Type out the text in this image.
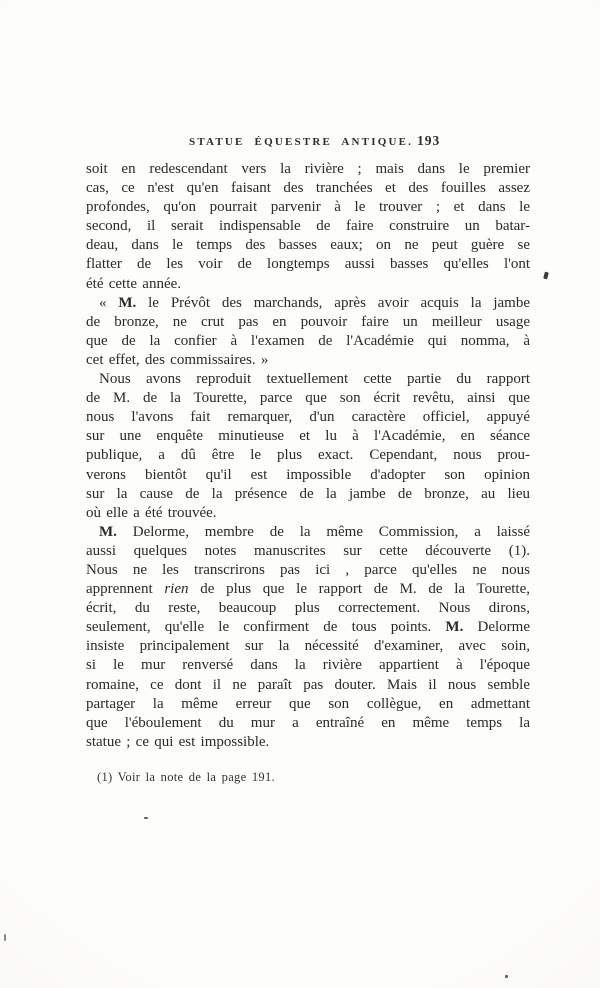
STATUE ÉQUESTRE ANTIQUE. 193
soit en redescendant vers la rivière ; mais dans le premier
cas, ce n'est qu'en faisant des tranchées et des fouilles assez
profondes, qu'on pourrait parvenir à le trouver ; et dans le
second, il serait indispensable de faire construire un batar-
deau, dans le temps des basses eaux; on ne peut guère se
flatter de les voir de longtemps aussi basses qu'elles l'ont
été cette année.
« M. le Prévôt des marchands, après avoir acquis la jambe
de bronze, ne crut pas en pouvoir faire un meilleur usage
que de la confier à l'examen de l'Académie qui nomma, à
cet effet, des commissaires. »
Nous avons reproduit textuellement cette partie du rapport
de M. de la Tourette, parce que son écrit revêtu, ainsi que
nous l'avons fait remarquer, d'un caractère officiel, appuyé
sur une enquête minutieuse et lu à l'Académie, en séance
publique, a dû être le plus exact. Cependant, nous prou-
verons bientôt qu'il est impossible d'adopter son opinion
sur la cause de la présence de la jambe de bronze, au lieu
où elle a été trouvée.
M. Delorme, membre de la même Commission, a laissé
aussi quelques notes manuscrites sur cette découverte (1).
Nous ne les transcrirons pas ici , parce qu'elles ne nous
apprennent rien de plus que le rapport de M. de la Tourette,
écrit, du reste, beaucoup plus correctement. Nous dirons,
seulement, qu'elle le confirment de tous points. M. Delorme
insiste principalement sur la nécessité d'examiner, avec soin,
si le mur renversé dans la rivière appartient à l'époque
romaine, ce dont il ne paraît pas douter. Mais il nous semble
partager la même erreur que son collègue, en admettant
que l'éboulement du mur a entraîné en même temps la
statue ; ce qui est impossible.
(1) Voir la note de la page 191.
